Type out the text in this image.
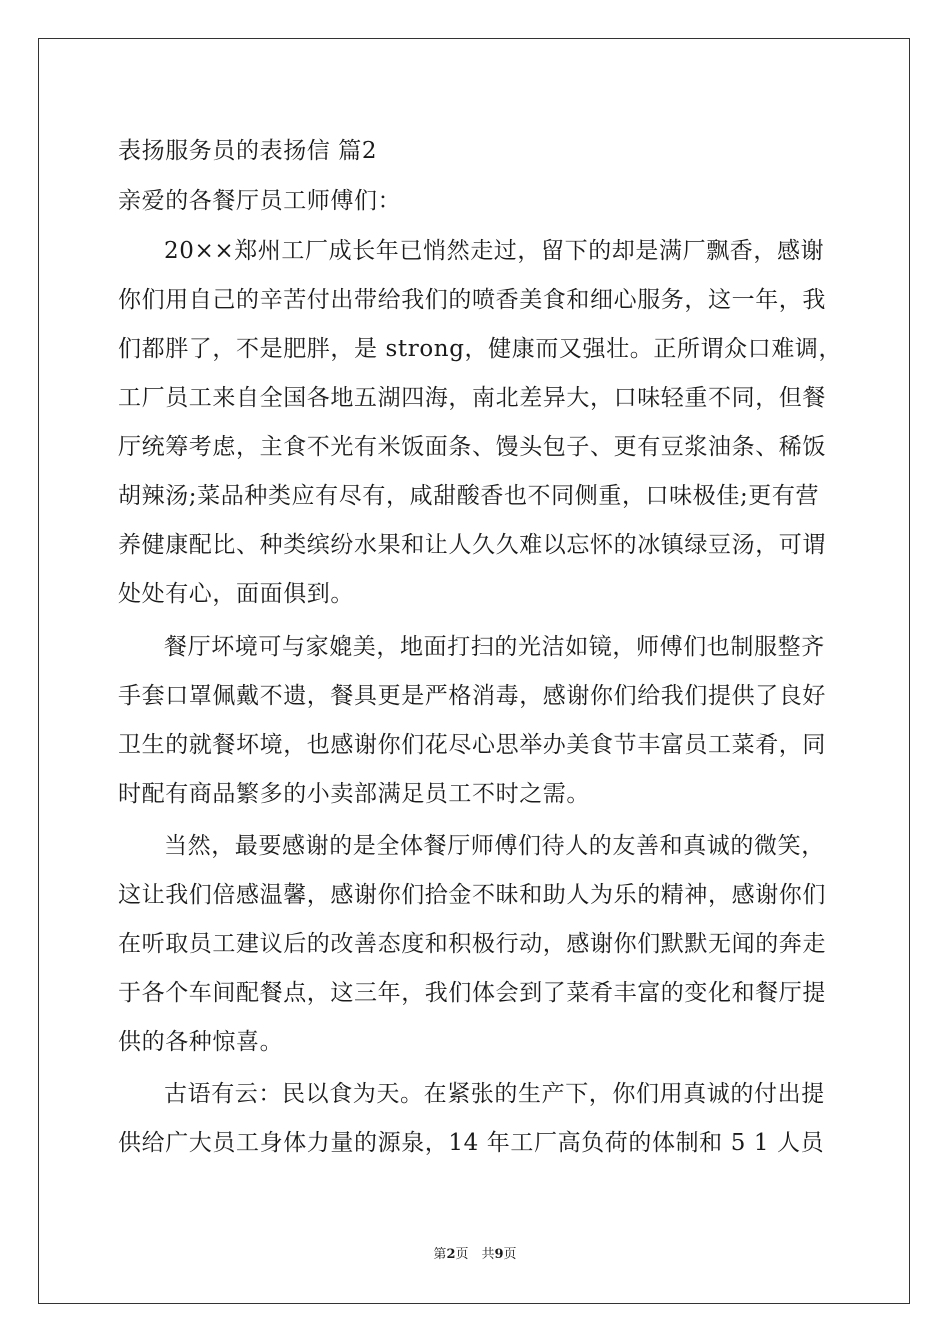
表扬服务员的表扬信 篇2
亲爱的各餐厅员工师傅们：
20××郑州工厂成长年已悄然走过，留下的却是满厂飘香，感谢
你们用自己的辛苦付出带给我们的喷香美食和细心服务，这一年，我
们都胖了，不是肥胖，是 strong，健康而又强壮。正所谓众口难调，
工厂员工来自全国各地五湖四海，南北差异大，口味轻重不同，但餐
厅统筹考虑，主食不光有米饭面条、馒头包子、更有豆浆油条、稀饭
胡辣汤;菜品种类应有尽有，咸甜酸香也不同侧重，口味极佳;更有营
养健康配比、种类缤纷水果和让人久久难以忘怀的冰镇绿豆汤，可谓
处处有心，面面俱到。
餐厅坏境可与家媲美，地面打扫的光洁如镜，师傅们也制服整齐
手套口罩佩戴不遗，餐具更是严格消毒，感谢你们给我们提供了良好
卫生的就餐坏境，也感谢你们花尽心思举办美食节丰富员工菜肴，同
时配有商品繁多的小卖部满足员工不时之需。
当然，最要感谢的是全体餐厅师傅们待人的友善和真诚的微笑，
这让我们倍感温馨，感谢你们拾金不昧和助人为乐的精神，感谢你们
在听取员工建议后的改善态度和积极行动，感谢你们默默无闻的奔走
于各个车间配餐点，这三年，我们体会到了菜肴丰富的变化和餐厅提
供的各种惊喜。
古语有云：民以食为天。在紧张的生产下，你们用真诚的付出提
供给广大员工身体力量的源泉，14 年工厂高负荷的体制和 5 1 人员
第2页　共9页
